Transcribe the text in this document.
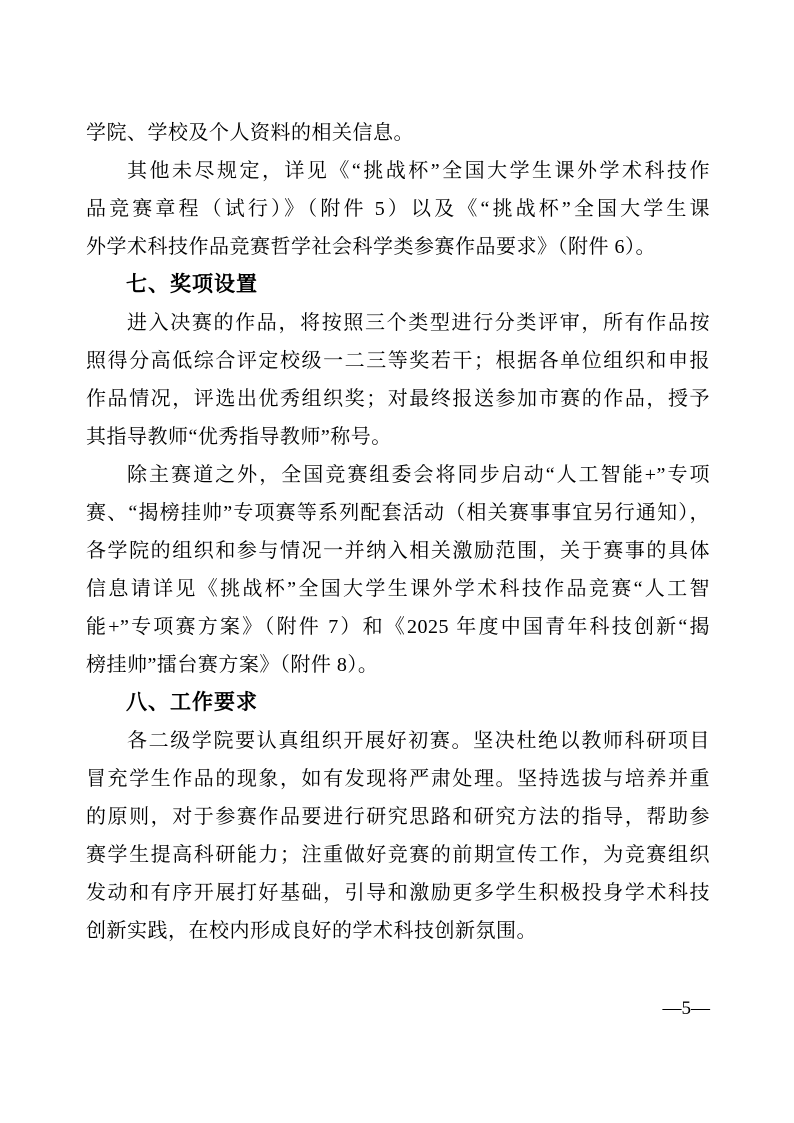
学院、学校及个人资料的相关信息。
其他未尽规定，详见《“挑战杯”全国大学生课外学术科技作
品竞赛章程（试行）》（附件 5）以及《“挑战杯”全国大学生课
外学术科技作品竞赛哲学社会科学类参赛作品要求》（附件 6）。
七、奖项设置
进入决赛的作品，将按照三个类型进行分类评审，所有作品按
照得分高低综合评定校级一二三等奖若干；根据各单位组织和申报
作品情况，评选出优秀组织奖；对最终报送参加市赛的作品，授予
其指导教师“优秀指导教师”称号。
除主赛道之外，全国竞赛组委会将同步启动“人工智能+”专项
赛、“揭榜挂帅”专项赛等系列配套活动（相关赛事事宜另行通知），
各学院的组织和参与情况一并纳入相关激励范围，关于赛事的具体
信息请详见《挑战杯”全国大学生课外学术科技作品竞赛“人工智
能+”专项赛方案》（附件 7）和《2025 年度中国青年科技创新“揭
榜挂帅”擂台赛方案》（附件 8）。
八、工作要求
各二级学院要认真组织开展好初赛。坚决杜绝以教师科研项目
冒充学生作品的现象，如有发现将严肃处理。坚持选拔与培养并重
的原则，对于参赛作品要进行研究思路和研究方法的指导，帮助参
赛学生提高科研能力；注重做好竞赛的前期宣传工作，为竞赛组织
发动和有序开展打好基础，引导和激励更多学生积极投身学术科技
创新实践，在校内形成良好的学术科技创新氛围。
—5—
